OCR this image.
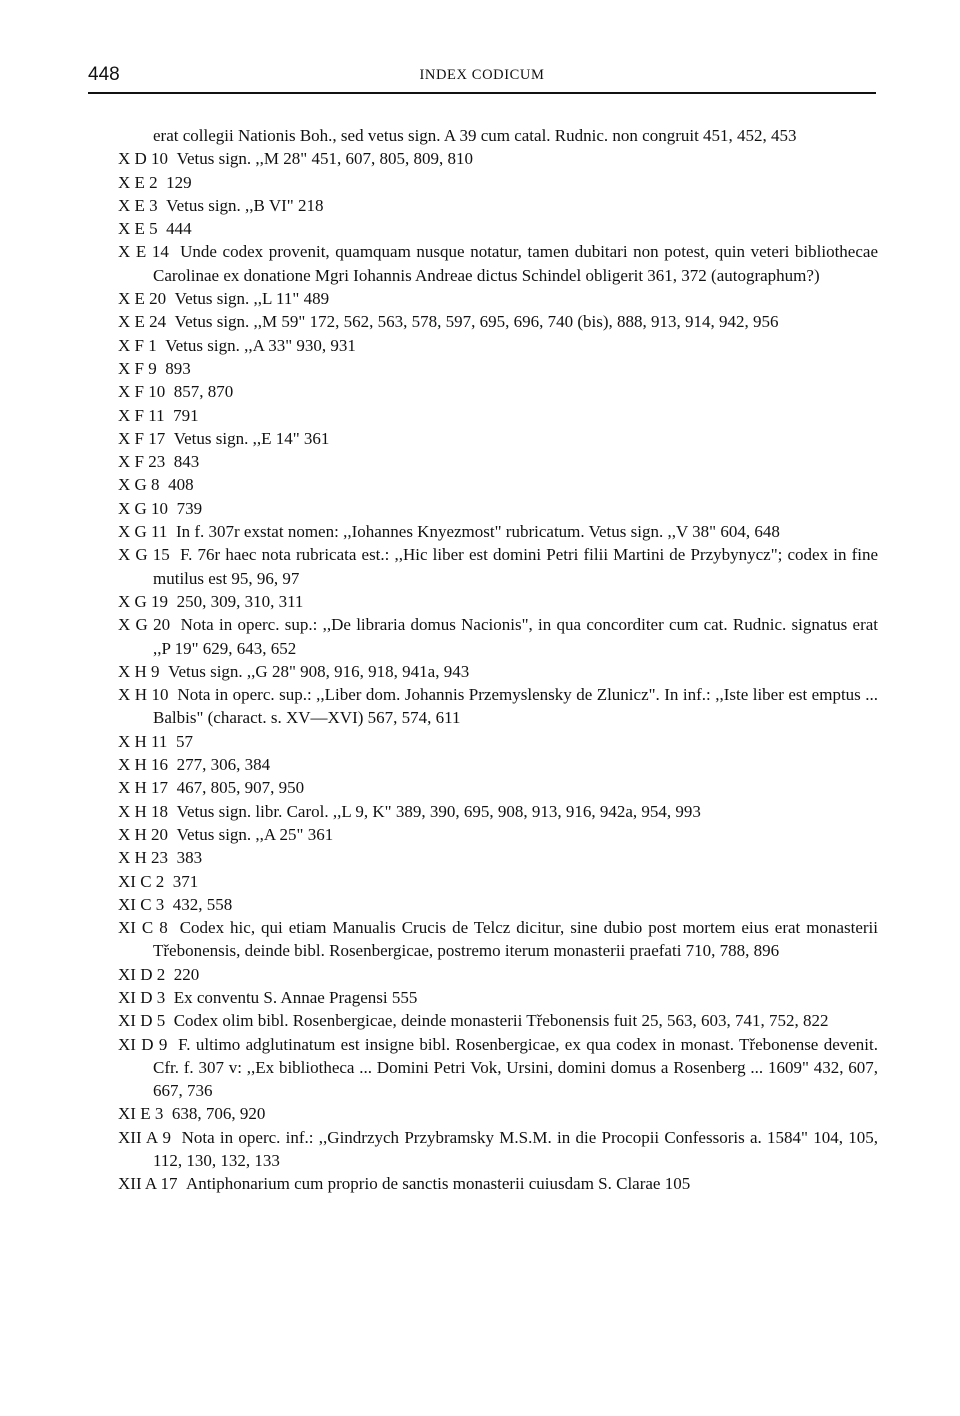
448	INDEX CODICUM
erat collegii Nationis Boh., sed vetus sign. A 39 cum catal. Rudnic. non congruit 451, 452, 453
X D 10 Vetus sign. ,,M 28" 451, 607, 805, 809, 810
X E 2 129
X E 3 Vetus sign. ,,B VI" 218
X E 5 444
X E 14 Unde codex provenit, quamquam nusque notatur, tamen dubitari non potest, quin veteri bibliothecae Carolinae ex donatione Mgri Iohannis Andreae dictus Schindel obligerit 361, 372 (autographum?)
X E 20 Vetus sign. ,,L 11" 489
X E 24 Vetus sign. ,,M 59" 172, 562, 563, 578, 597, 695, 696, 740 (bis), 888, 913, 914, 942, 956
X F 1 Vetus sign. ,,A 33" 930, 931
X F 9 893
X F 10 857, 870
X F 11 791
X F 17 Vetus sign. ,,E 14" 361
X F 23 843
X G 8 408
X G 10 739
X G 11 In f. 307r exstat nomen: ,,Iohannes Knyezmost" rubricatum. Vetus sign. ,,V 38" 604, 648
X G 15 F. 76r haec nota rubricata est.: ,,Hic liber est domini Petri filii Martini de Przybynycz"; codex in fine mutilus est 95, 96, 97
X G 19 250, 309, 310, 311
X G 20 Nota in operc. sup.: ,,De libraria domus Nacionis", in qua concorditer cum cat. Rudnic. signatus erat ,,P 19" 629, 643, 652
X H 9 Vetus sign. ,,G 28" 908, 916, 918, 941a, 943
X H 10 Nota in operc. sup.: ,,Liber dom. Johannis Przemyslensky de Zlunicz". In inf.: ,,Iste liber est emptus ... Balbis" (charact. s. XV—XVI) 567, 574, 611
X H 11 57
X H 16 277, 306, 384
X H 17 467, 805, 907, 950
X H 18 Vetus sign. libr. Carol. ,,L 9, K" 389, 390, 695, 908, 913, 916, 942a, 954, 993
X H 20 Vetus sign. ,,A 25" 361
X H 23 383
XI C 2 371
XI C 3 432, 558
XI C 8 Codex hic, qui etiam Manualis Crucis de Telcz dicitur, sine dubio post mortem eius erat monasterii Třebonensis, deinde bibl. Rosenbergicae, postremo iterum monasterii praefati 710, 788, 896
XI D 2 220
XI D 3 Ex conventu S. Annae Pragensi 555
XI D 5 Codex olim bibl. Rosenbergicae, deinde monasterii Třebonensis fuit 25, 563, 603, 741, 752, 822
XI D 9 F. ultimo adglutinatum est insigne bibl. Rosenbergicae, ex qua codex in monast. Třebonense devenit. Cfr. f. 307 v: ,,Ex bibliotheca ... Domini Petri Vok, Ursini, domini domus a Rosenberg ... 1609" 432, 607, 667, 736
XI E 3 638, 706, 920
XII A 9 Nota in operc. inf.: ,,Gindrzych Przybramsky M.S.M. in die Procopii Confessoris a. 1584" 104, 105, 112, 130, 132, 133
XII A 17 Antiphonarium cum proprio de sanctis monasterii cuiusdam S. Clarae 105
